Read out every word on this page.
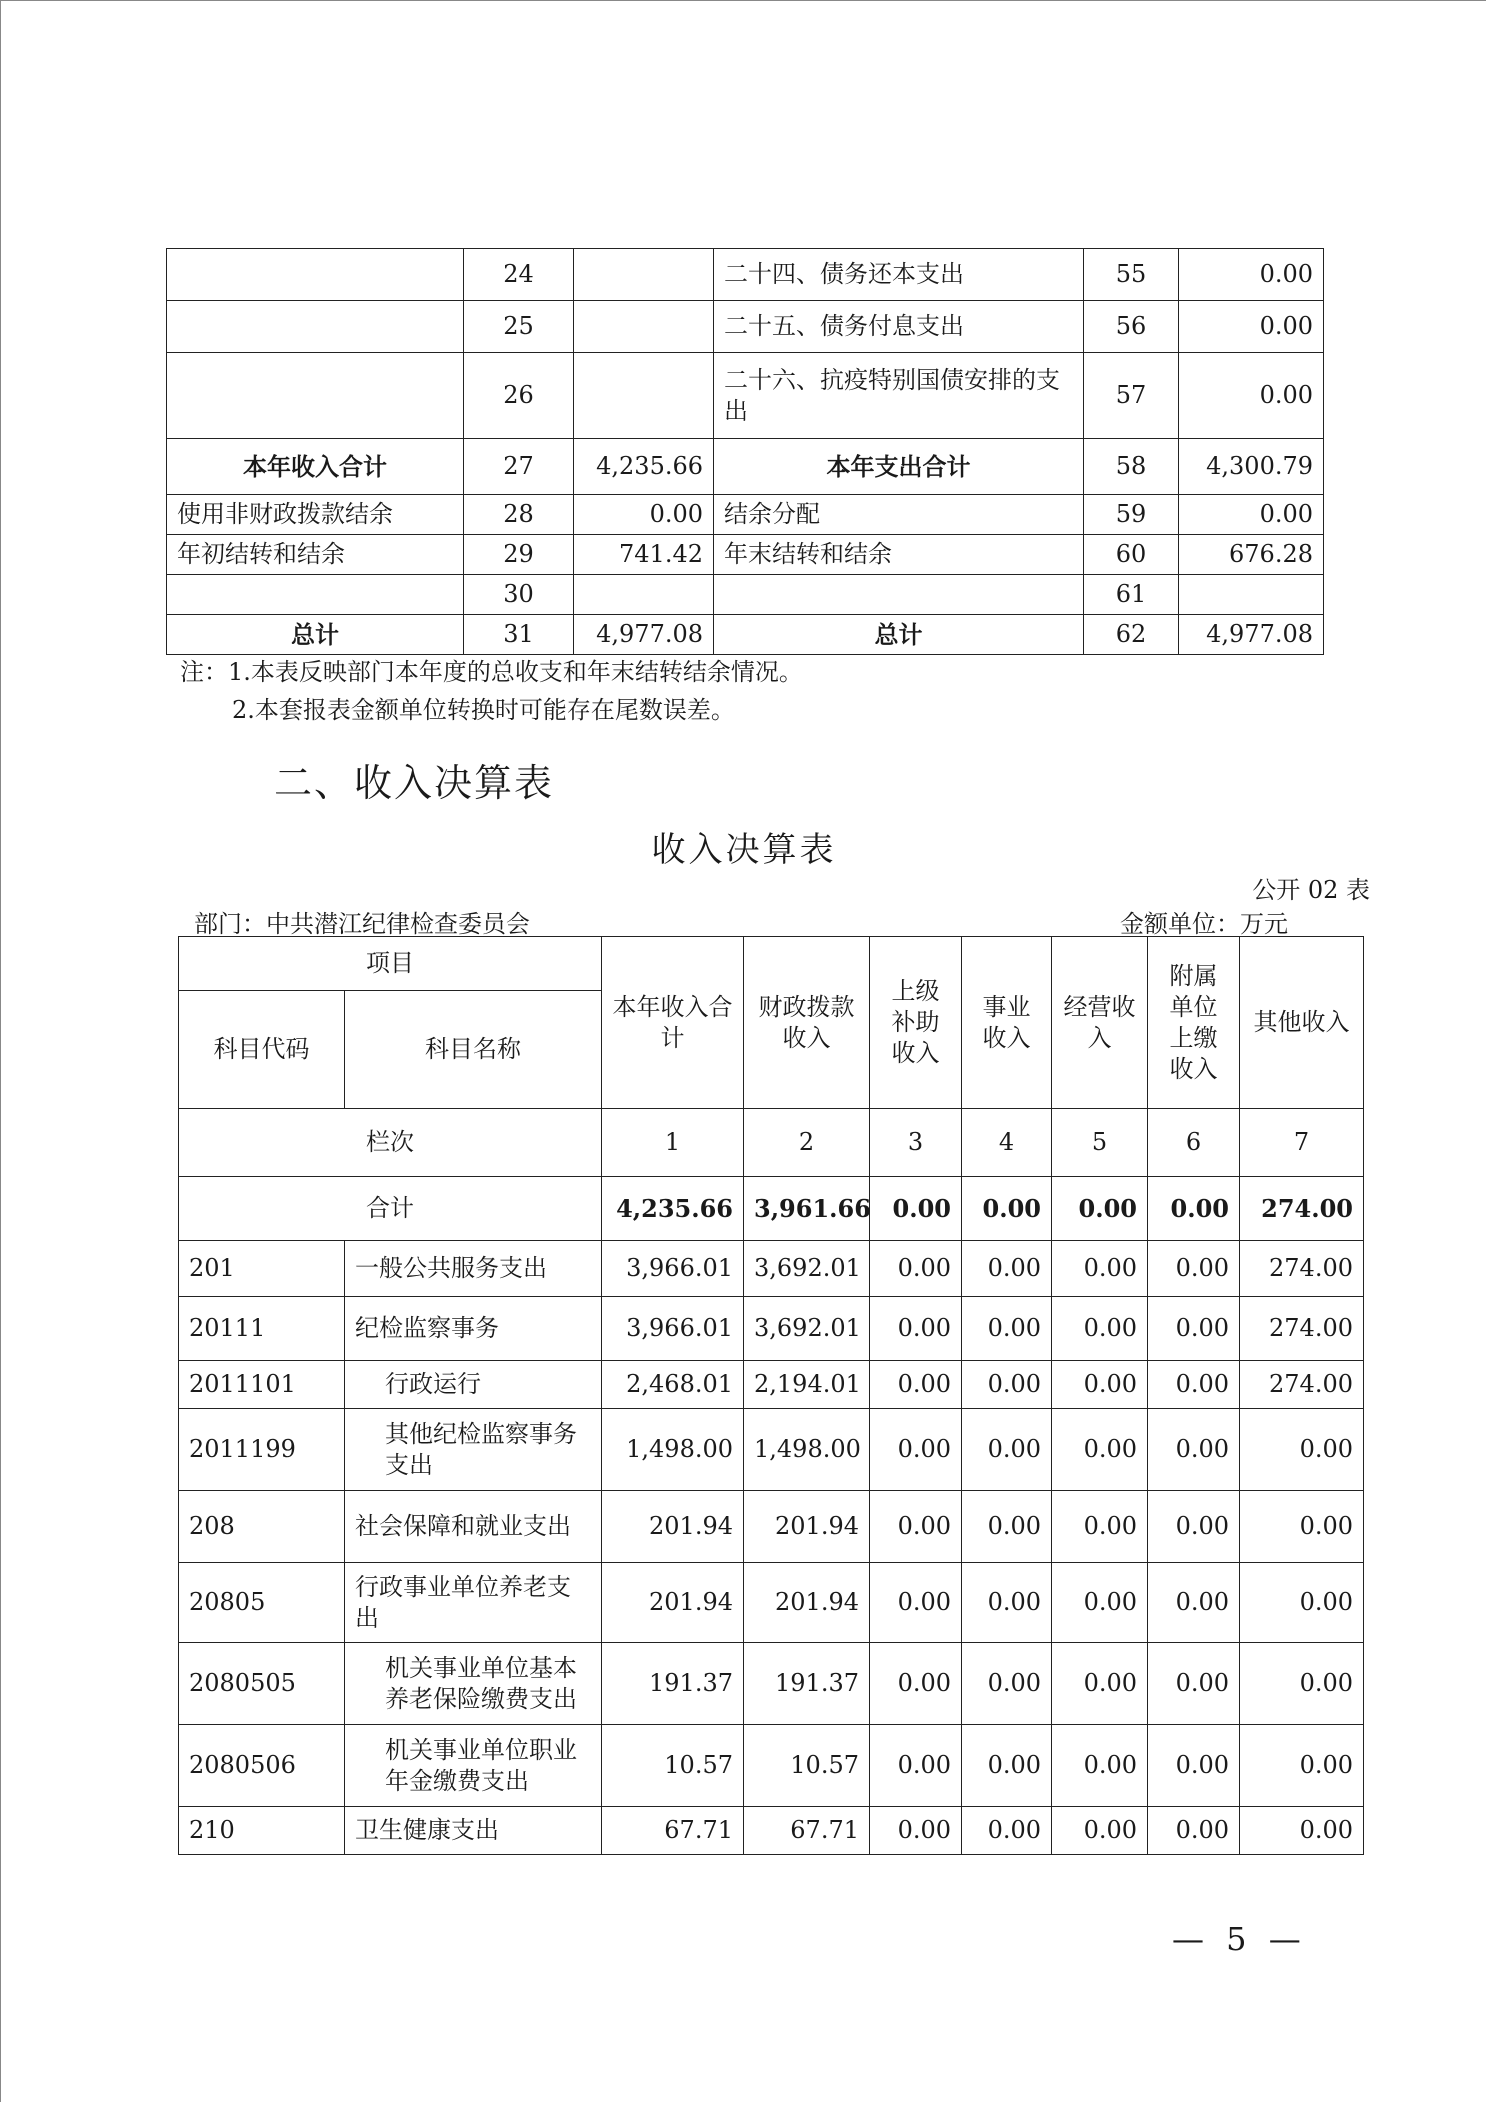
	24		二十四、债务还本支出	55	0.00
	25		二十五、债务付息支出	56	0.00
	26		二十六、抗疫特别国债安排的支出	57	0.00
本年收入合计	27	4,235.66	本年支出合计	58	4,300.79
使用非财政拨款结余	28	0.00	结余分配	59	0.00
年初结转和结余	29	741.42	年末结转和结余	60	676.28
	30			61	
总计	31	4,977.08	总计	62	4,977.08
注：1.本表反映部门本年度的总收支和年末结转结余情况。
2.本套报表金额单位转换时可能存在尾数误差。
二、收入决算表
收入决算表
公开 02 表
部门：中共潜江纪律检查委员会	金额单位：万元
项目		本年收入合计	财政拨款收入	上级补助收入	事业收入	经营收入	附属单位上缴收入	其他收入
科目代码	科目名称							
栏次		1	2	3	4	5	6	7
合计		4,235.66	3,961.66	0.00	0.00	0.00	0.00	274.00
201	一般公共服务支出	3,966.01	3,692.01	0.00	0.00	0.00	0.00	274.00
20111	纪检监察事务	3,966.01	3,692.01	0.00	0.00	0.00	0.00	274.00
2011101	行政运行	2,468.01	2,194.01	0.00	0.00	0.00	0.00	274.00
2011199	其他纪检监察事务支出	1,498.00	1,498.00	0.00	0.00	0.00	0.00	0.00
208	社会保障和就业支出	201.94	201.94	0.00	0.00	0.00	0.00	0.00
20805	行政事业单位养老支出	201.94	201.94	0.00	0.00	0.00	0.00	0.00
2080505	机关事业单位基本养老保险缴费支出	191.37	191.37	0.00	0.00	0.00	0.00	0.00
2080506	机关事业单位职业年金缴费支出	10.57	10.57	0.00	0.00	0.00	0.00	0.00
210	卫生健康支出	67.71	67.71	0.00	0.00	0.00	0.00	0.00
— 5 —
